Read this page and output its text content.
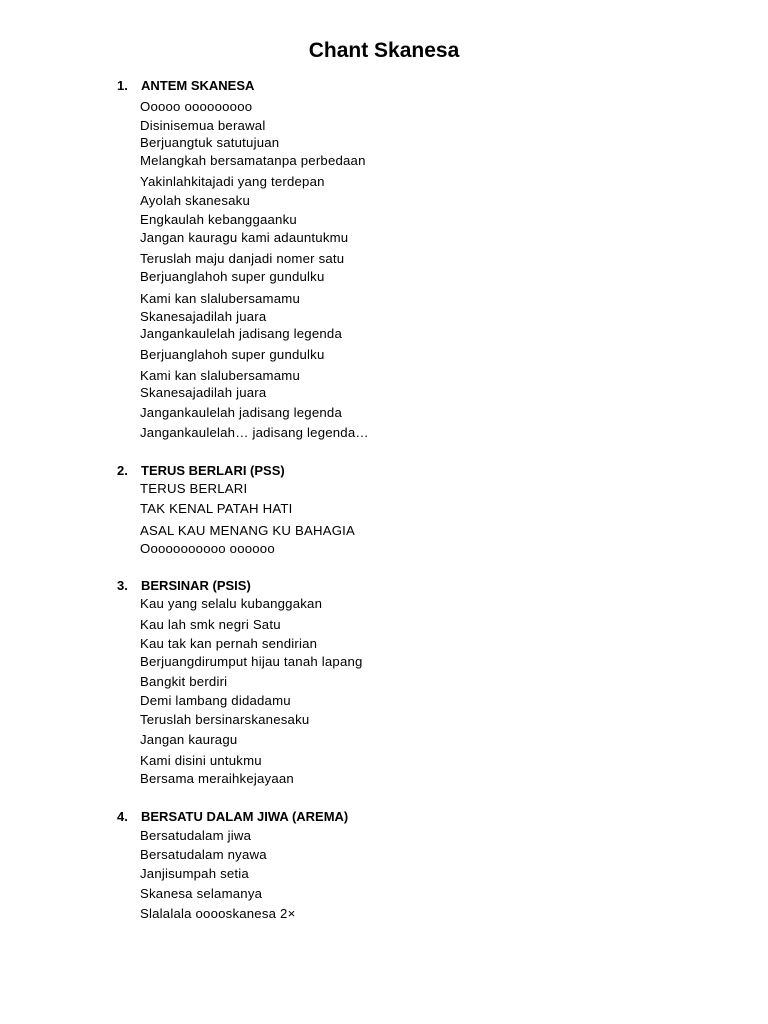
Chant Skanesa
1. ANTEM SKANESA
Ooooo ooooooooo
Disinisemua berawal
Berjuangtuk satutujuan
Melangkah bersamatanpa perbedaan
Yakinlahkitajadi yang terdepan
Ayolah skanesaku
Engkaulah kebanggaanku
Jangan kauragu kami adauntukmu
Teruslah maju danjadi nomer satu
Berjuanglahoh super gundulku
Kami kan slalubersamamu
Skanesajadilah juara
Jangankaulelah jadisang legenda
Berjuanglahoh super gundulku
Kami kan slalubersamamu
Skanesajadilah juara
Jangankaulelah jadisang legenda
Jangankaulelah… jadisang legenda…
2. TERUS BERLARI (PSS)
TERUS BERLARI
TAK KENAL PATAH HATI
ASAL KAU MENANG KU BAHAGIA
Ooooooooooo oooooo
3. BERSINAR (PSIS)
Kau yang selalu kubanggakan
Kau lah smk negri Satu
Kau tak kan pernah sendirian
Berjuangdirumput hijau tanah lapang
Bangkit berdiri
Demi lambang didadamu
Teruslah bersinarskanesaku
Jangan kauragu
Kami disini untukmu
Bersama meraihkejayaan
4. BERSATU DALAM JIWA (AREMA)
Bersatudalam jiwa
Bersatudalam nyawa
Janjisumpah setia
Skanesa selamanya
Slalalala ooooskanesa 2×
